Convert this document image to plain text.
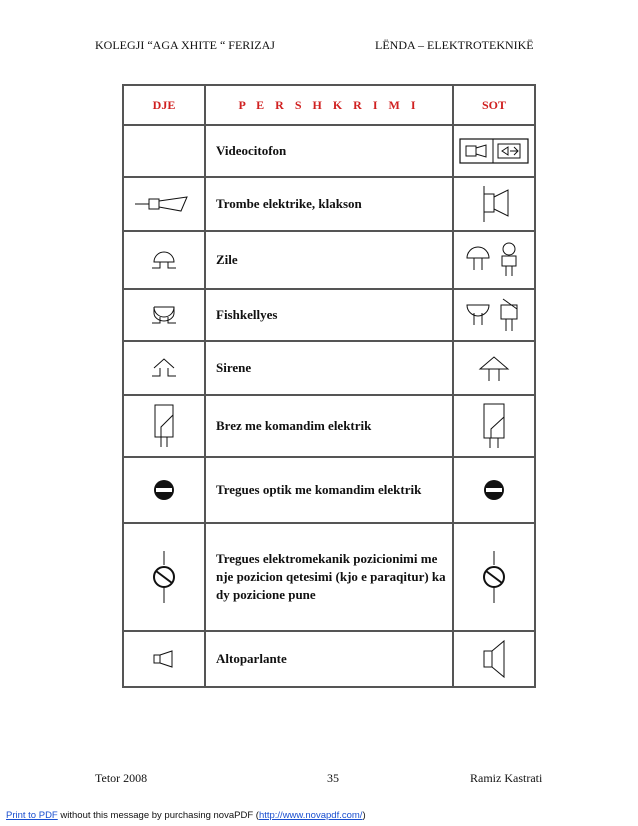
KOLEGJI “AGA XHITE “ FERIZAJ	LËNDA – ELEKTROTEKNIKË
DJE	P E R S H K R I M I	SOT
	Videocitofon	
	Trombe elektrike, klakson	
	Zile	
	Fishkellyes	
	Sirene	
	Brez me komandim elektrik	
	Tregues optik me komandim elektrik	
	Tregues elektromekanik pozicionimi me nje pozicion qetesimi (kjo e paraqitur) ka dy pozicione pune	
	Altoparlante	
Tetor 2008	35	Ramiz Kastrati
Print to PDF without this message by purchasing novaPDF (http://www.novapdf.com/)
